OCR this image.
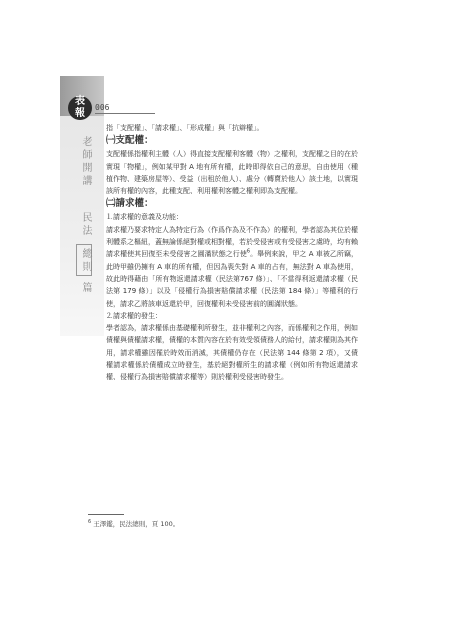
表
報
006
老師開講
民法
總則
篇

指「支配權」、「請求權」、「形成權」與「抗辯權」。

㈠支配權：

支配權係指權利主體（人）得直接支配權利客體（物）之權利，支配權之目的在於實現「物權」，例如某甲對 A 地有所有權，此時即得依自己的意思，自由使用（種植作物、建築房屋等）、受益（出租於他人）、處分（轉賣於他人）該土地，以實現該所有權的內容，此種支配、利用權利客體之權利即為支配權。

㈡請求權：

⒈請求權的意義及功能：

請求權乃要求特定人為特定行為（作爲作為及不作為）的權利，學者認為其位於權利體系之樞紐，蓋無論係絕對權或相對權，若於受侵害或有受侵害之虞時，均有賴請求權使其回復至未受侵害之圓滿狀態之行使$^6$。舉例來說，甲之 A 車被乙所竊，此時甲雖仍擁有 A 車的所有權，但因為喪失對 A 車的占有，無法對 A 車為使用，故此時得藉由「所有物返還請求權（民法第767 條）」、「不當得利返還請求權（民法第 179 條）」以及「侵權行為損害賠償請求權（民法第 184 條）」等權利的行使，請求乙將該車返還於甲，回復權利未受侵害前的圓滿狀態。

⒉請求權的發生：

學者認為，請求權係由基礎權利所發生，並非權利之內容，而係權利之作用，例如債權與債權請求權，債權的本質內容在於有效受領債務人的給付，請求權則為其作用，請求權雖因罹於時效而消滅，其債權仍存在（民法第 144 條第 2 項），又債權請求權係於債權成立時發生，基於絕對權所生的請求權（例如所有物返還請求權、侵權行為損害賠償請求權等）則於權利受侵害時發生。

$^6$ 王澤鑑，民法總則，頁 100。
